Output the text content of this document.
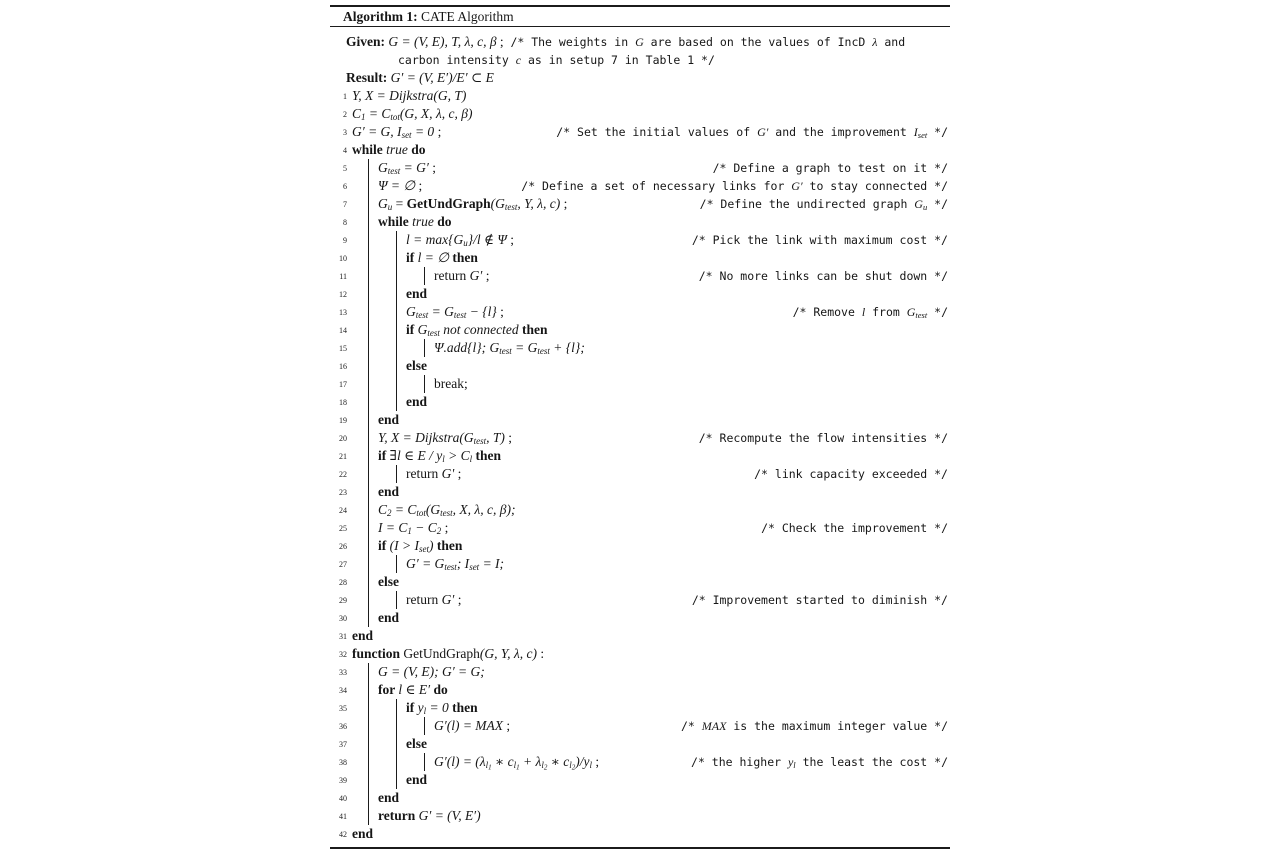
Algorithm 1: CATE Algorithm
Given: G = (V, E), T, λ, c, β ;  /* The weights in G are based on the values of IncD λ and
carbon intensity c as in setup 7 in Table 1 */
Result: G′ = (V, E′)/E′ ⊂ E
1 Y, X = Dijkstra(G, T)
2 C1 = Ctot(G, X, λ, c, β)
3 G′ = G, Iset = 0 ;	/* Set the initial values of G′ and the improvement Iset */
4 while true do
5 Gtest = G′ ;	/* Define a graph to test on it */
6 Ψ = ∅ ;	/* Define a set of necessary links for G′ to stay connected */
7 Gu = GetUndGraph(Gtest, Y, λ, c) ;	/* Define the undirected graph Gu */
8 while true do
9	l = max{Gu}/l ∉ Ψ ;	/* Pick the link with maximum cost */
10	if l = ∅ then
11	return G′ ;	/* No more links can be shut down */
12	end
13	Gtest = Gtest − {l} ;	/* Remove l from Gtest */
14	if Gtest not connected then
15	Ψ.add{l}; Gtest = Gtest + {l};
16	else
17	break;
18	end
19 end
20 Y, X = Dijkstra(Gtest, T) ;	/* Recompute the flow intensities */
21 if ∃l ∈ E / yl > Cl then
22	return G' ;	/* link capacity exceeded */
23 end
24 C2 = Ctot(Gtest, X, λ, c, β);
25 I = C1 − C2 ;	/* Check the improvement */
26 if (I > Iset) then
27	G′ = Gtest; Iset = I;
28 else
29	return G′ ;	/* Improvement started to diminish */
30 end
31 end
32 function GetUndGraph(G, Y, λ, c) :
33 G = (V, E); G′ = G;
34 for l ∈ E′ do
35	if yl = 0 then
36	G′(l) = MAX ;	/* MAX is the maximum integer value */
37	else
38	$G'(l) = (\lambda l_1$ ∗ $cl_1 + \lambda l_2$ ∗ $cl_2)/yl$ ;	/* the higher yl the least the cost */
39	end
40 end
41 return G′ = (V, E′)
42 end
